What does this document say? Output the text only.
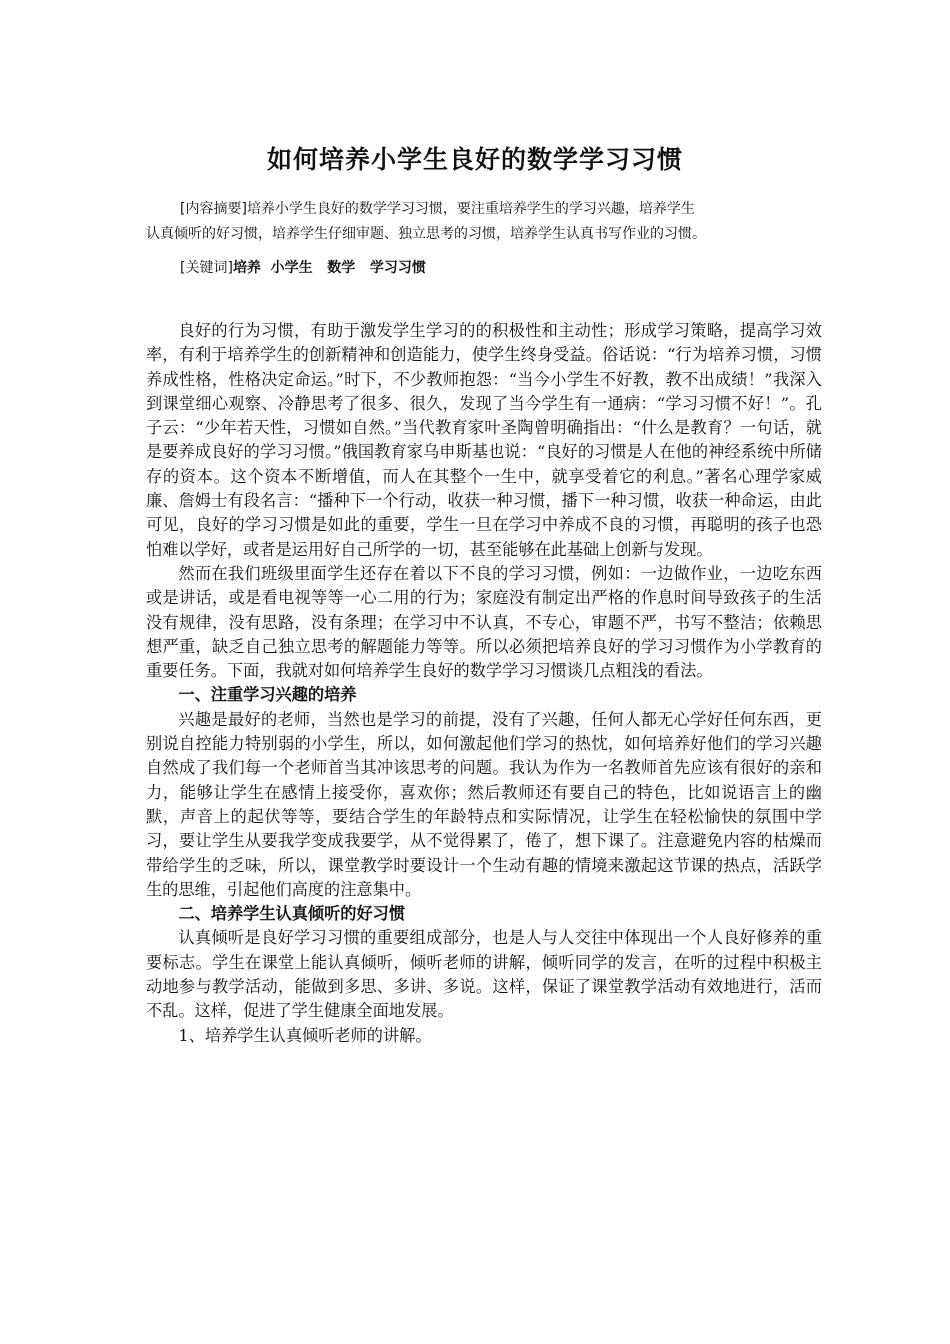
如何培养小学生良好的数学学习习惯
[内容摘要]培养小学生良好的数学学习习惯，要注重培养学生的学习兴趣，培养学生
认真倾听的好习惯，培养学生仔细审题、独立思考的习惯，培养学生认真书写作业的习惯。
[关键词]培养  小学生   数学   学习习惯

良好的行为习惯，有助于激发学生学习的的积极性和主动性；形成学习策略，提高学习效率，有利于培养学生的创新精神和创造能力，使学生终身受益。俗话说：“行为培养习惯，习惯养成性格，性格决定命运。”时下，不少教师抱怨：“当今小学生不好教，教不出成绩！”我深入到课堂细心观察、冷静思考了很多、很久，发现了当今学生有一通病：“学习习惯不好！”。孔子云：“少年若天性，习惯如自然。”当代教育家叶圣陶曾明确指出：“什么是教育？一句话，就是要养成良好的学习习惯。”俄国教育家乌申斯基也说：“良好的习惯是人在他的神经系统中所储存的资本。这个资本不断增值，而人在其整个一生中，就享受着它的利息。”著名心理学家威廉、詹姆士有段名言：“播种下一个行动，收获一种习惯，播下一种习惯，收获一种命运，由此可见，良好的学习习惯是如此的重要，学生一旦在学习中养成不良的习惯，再聪明的孩子也恐怕难以学好，或者是运用好自己所学的一切，甚至能够在此基础上创新与发现。

然而在我们班级里面学生还存在着以下不良的学习习惯，例如：一边做作业，一边吃东西或是讲话，或是看电视等等一心二用的行为；家庭没有制定出严格的作息时间导致孩子的生活没有规律，没有思路，没有条理；在学习中不认真，不专心，审题不严，书写不整洁；依赖思想严重，缺乏自己独立思考的解题能力等等。所以必须把培养良好的学习习惯作为小学教育的重要任务。下面，我就对如何培养学生良好的数学学习习惯谈几点粗浅的看法。

一、注重学习兴趣的培养

兴趣是最好的老师，当然也是学习的前提，没有了兴趣，任何人都无心学好任何东西，更别说自控能力特别弱的小学生，所以，如何激起他们学习的热忱，如何培养好他们的学习兴趣自然成了我们每一个老师首当其冲该思考的问题。我认为作为一名教师首先应该有很好的亲和力，能够让学生在感情上接受你，喜欢你；然后教师还有要自己的特色，比如说语言上的幽默，声音上的起伏等等，要结合学生的年龄特点和实际情况，让学生在轻松愉快的氛围中学习，要让学生从要我学变成我要学，从不觉得累了，倦了，想下课了。注意避免内容的枯燥而带给学生的乏味，所以，课堂教学时要设计一个生动有趣的情境来激起这节课的热点，活跃学生的思维，引起他们高度的注意集中。

二、培养学生认真倾听的好习惯

认真倾听是良好学习习惯的重要组成部分，也是人与人交往中体现出一个人良好修养的重要标志。学生在课堂上能认真倾听，倾听老师的讲解，倾听同学的发言，在听的过程中积极主动地参与教学活动，能做到多思、多讲、多说。这样，保证了课堂教学活动有效地进行，活而不乱。这样，促进了学生健康全面地发展。

1、培养学生认真倾听老师的讲解。
